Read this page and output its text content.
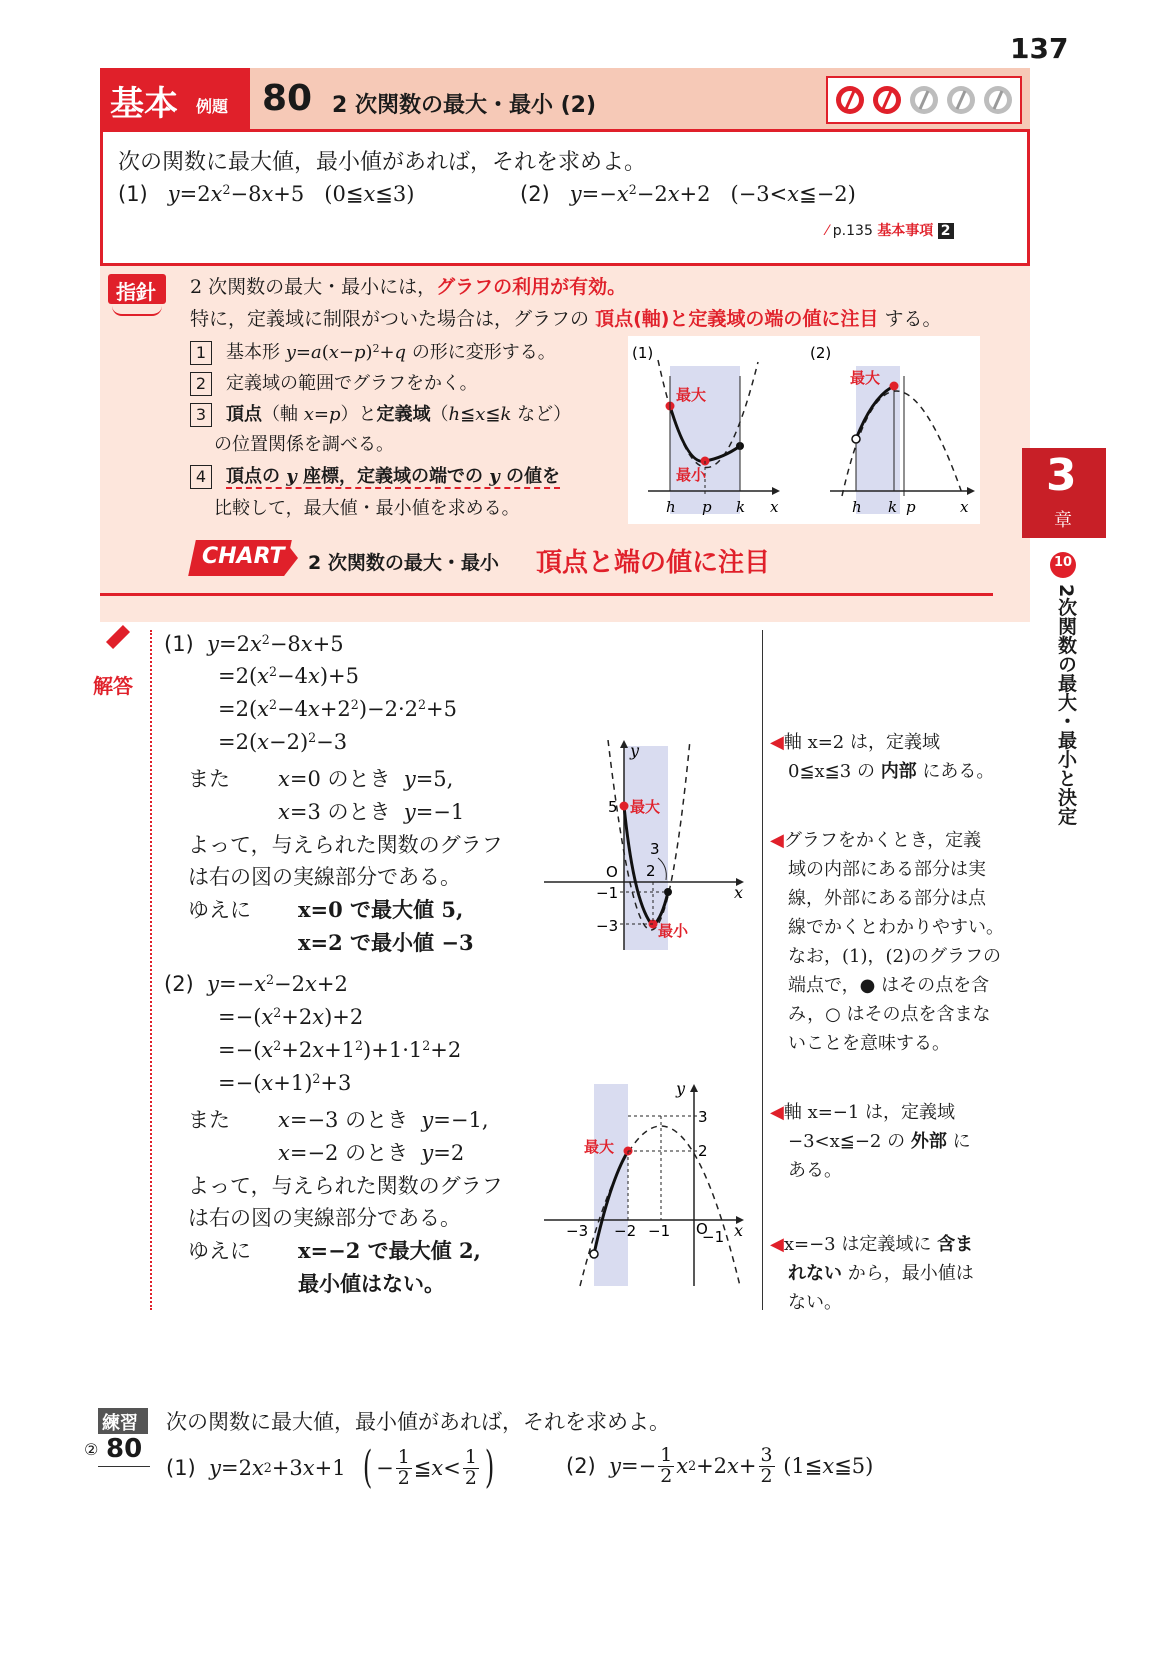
137
基本 例題 80 2 次関数の最大・最小 (2)
次の関数に最大値，最小値があれば，それを求めよ。
(1) $y=2x^2-8x+5$   (0≦x≦3)	(2) $y=-x^2-2x+2$   (−3<x≦−2)
⁄ p.135 基本事項 2
指針 2 次関数の最大・最小には，グラフの利用が有効。
特に，定義域に制限がついた場合は，グラフの 頂点(軸)と定義域の端の値に注目 する。
1 基本形 $y=a(x-p)^2+q$ の形に変形する。
2 定義域の範囲でグラフをかく。
3 頂点（軸 x=p）と定義域（h≦x≦k など）
の位置関係を調べる。
4 頂点の y 座標，定義域の端での y の値を
比較して，最大値・最小値を求める。
(1)
最大
最小
h p k x
(2)
最大
h k p	x
CHART 2 次関数の最大・最小 頂点と端の値に注目
3
章
10
2次関数の最大・最小と決定
解答
(1) $y=2x^2-8x+5$
$=2(x^2-4x)+5$
$=2(x^2-4x+2^2)-2\cdot 2^2+5$
$=2(x-2)^2-3$
また x=0 のとき  y=5,
x=3 のとき  y=−1
よって，与えられた関数のグラフ
は右の図の実線部分である。
ゆえに x=0 で最大値 5,
x=2 で最小値 −3
(2) $y=-x^2-2x+2$
$=-(x^2+2x)+2$
$=-(x^2+2x+1^2)+1\cdot 1^2+2$
$=-(x+1)^2+3$
また x=−3 のとき  y=−1,
x=−2 のとき  y=2
よって，与えられた関数のグラフ
は右の図の実線部分である。
ゆえに x=−2 で最大値 2,
最小値はない。
y
x
5
O
−1
−3
2
3
最大
最小
y
x
3
2
−1
O
−3 −2 −1
最大
◀軸 x=2 は，定義域
0≦x≦3 の 内部 にある。
◀グラフをかくとき，定義
域の内部にある部分は実
線，外部にある部分は点
線でかくとわかりやすい。
なお，(1)，(2)のグラフの
端点で，● はその点を含
み，○ はその点を含まな
いことを意味する。
◀軸 x=−1 は，定義域
−3<x≦−2 の 外部 に
ある。
◀x=−3 は定義域に 含ま
れない から，最小値は
ない。
練習
② 80
次の関数に最大値，最小値があれば，それを求めよ。
(1)
y =2 x 2 +3 x +1 ( − $\frac{1}{2}$ ≦ $x < \frac{1}{2}$ )	(2)
$y =- \frac{1}{2}$ x 2 +2 $x + \frac{3}{2}$ (1≦ x ≦5)
